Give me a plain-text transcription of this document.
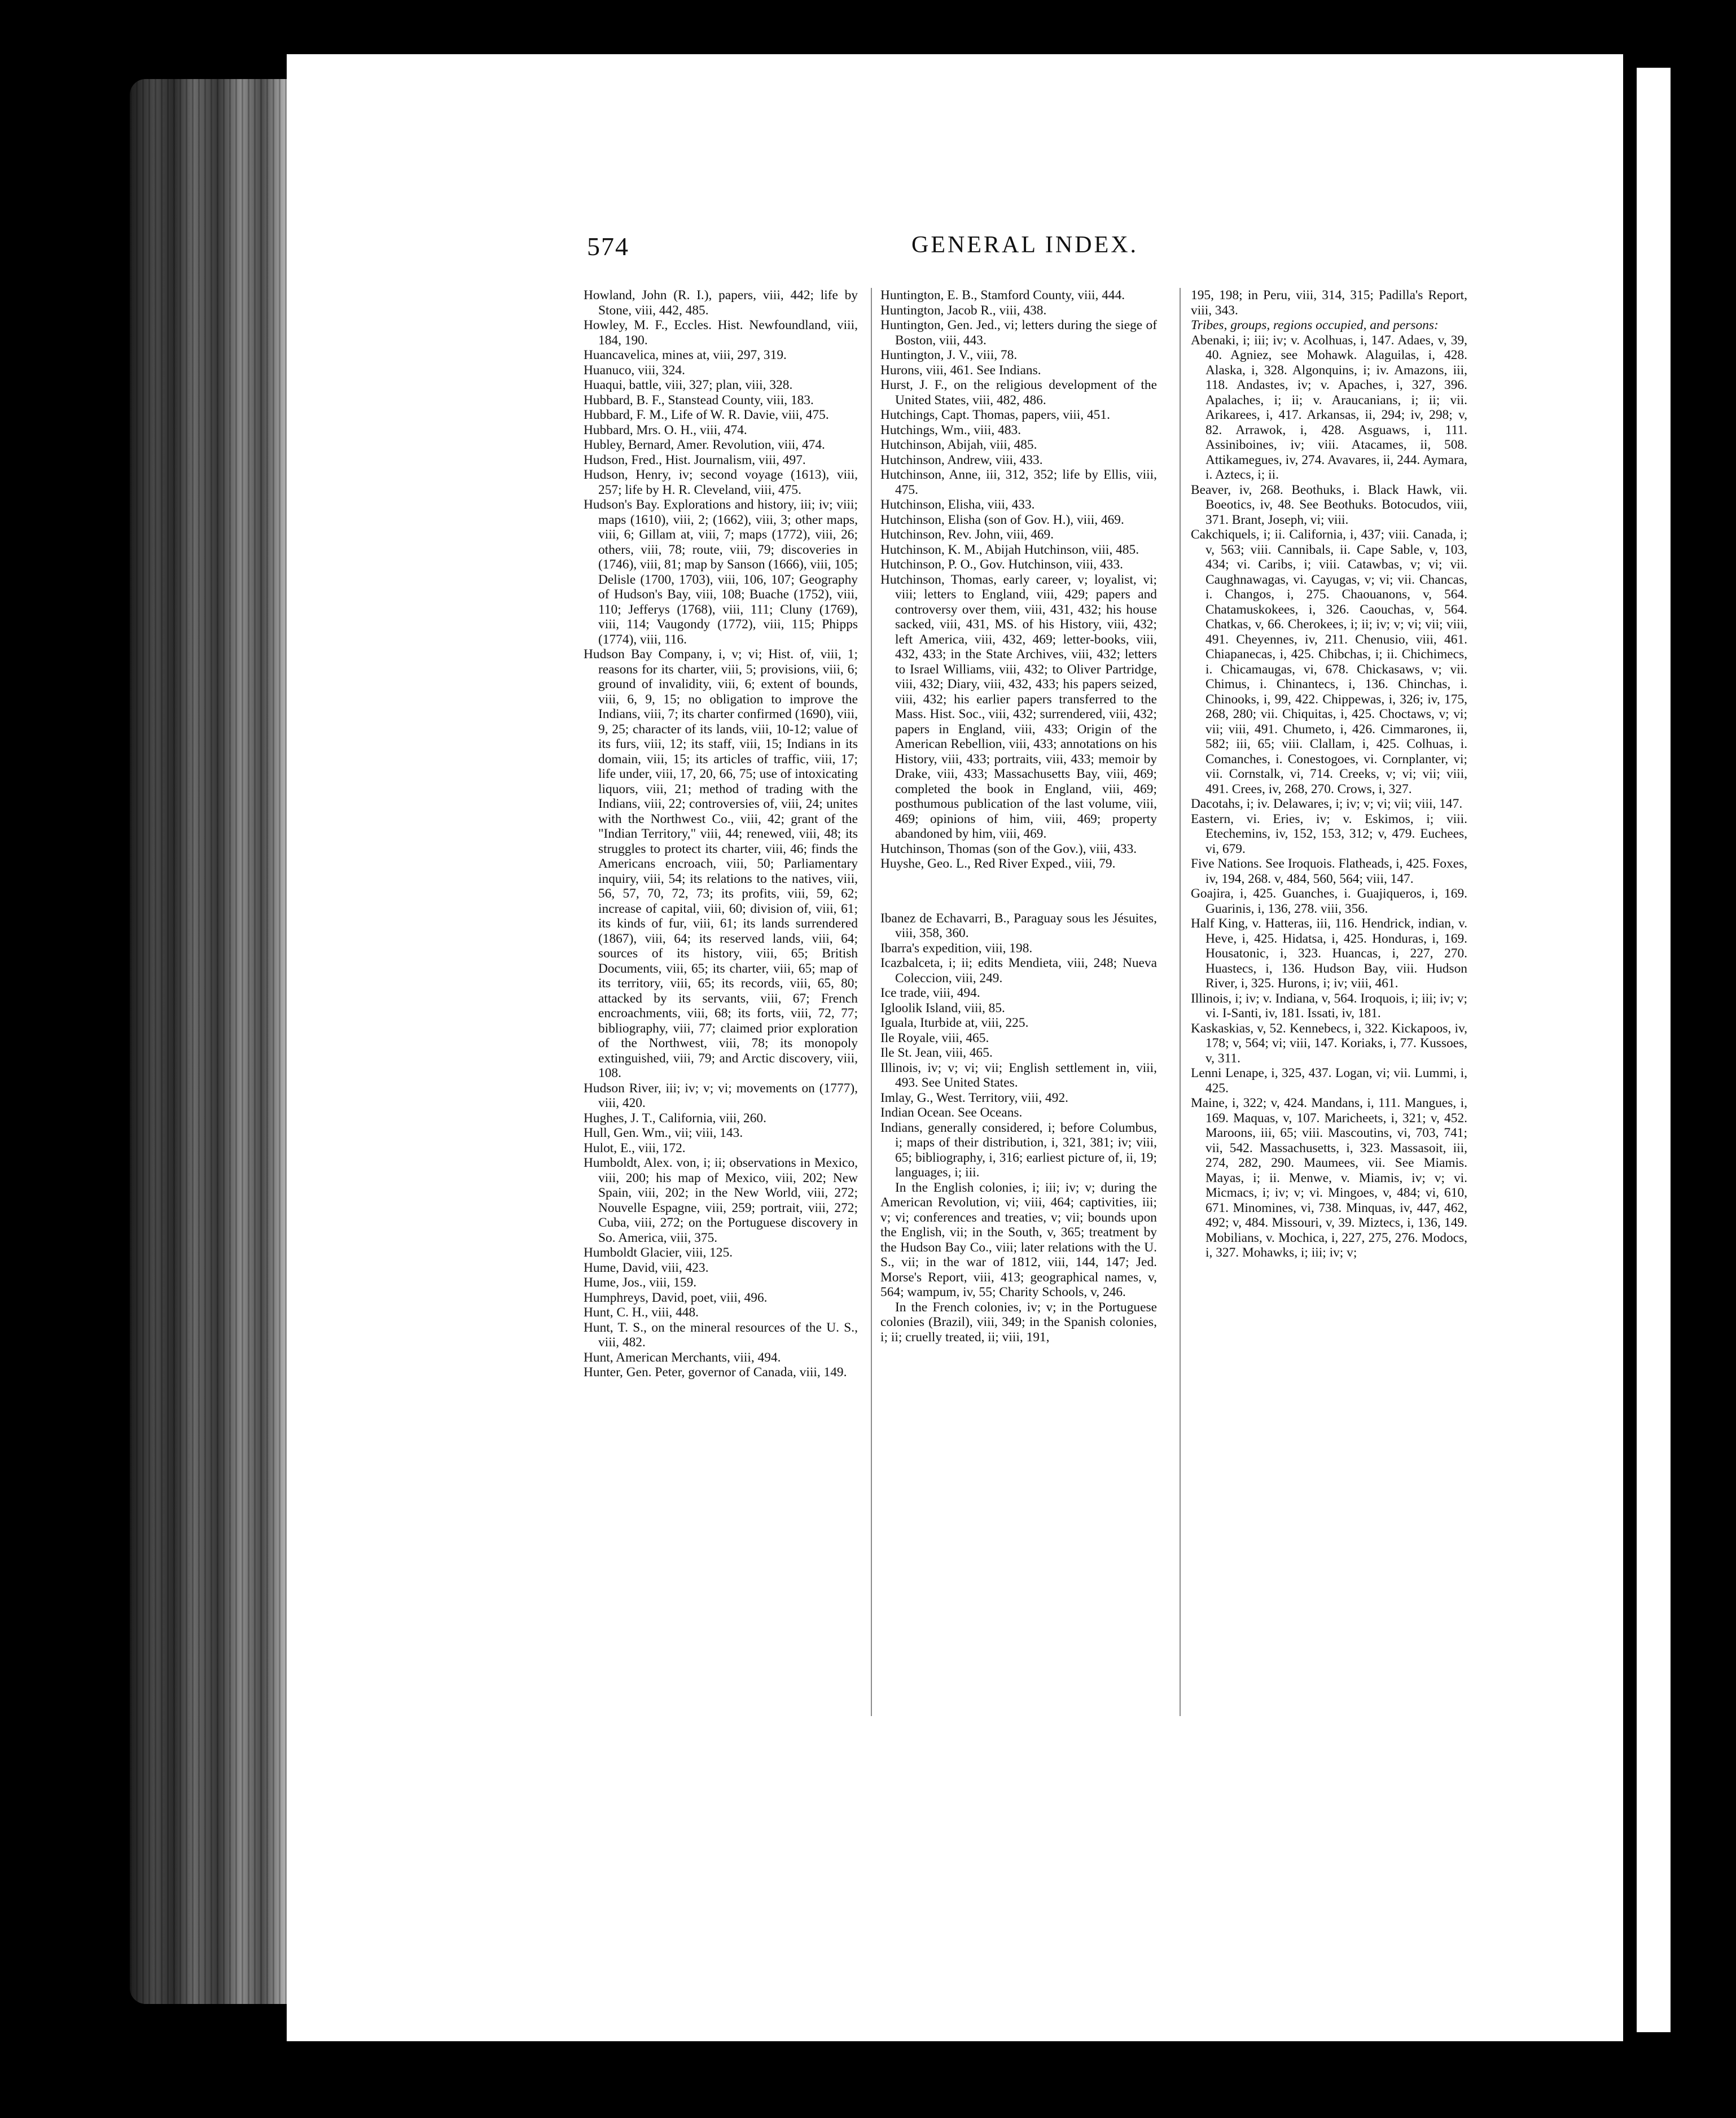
574	GENERAL INDEX.

Howland, John (R. I.), papers, viii, 442; life by Stone, viii, 442, 485.

Howley, M. F., Eccles. Hist. Newfoundland, viii, 184, 190.

Huancavelica, mines at, viii, 297, 319.

Huanuco, viii, 324.

Huaqui, battle, viii, 327; plan, viii, 328.

Hubbard, B. F., Stanstead County, viii, 183.

Hubbard, F. M., Life of W. R. Davie, viii, 475.

Hubbard, Mrs. O. H., viii, 474.

Hubley, Bernard, Amer. Revolution, viii, 474.

Hudson, Fred., Hist. Journalism, viii, 497.

Hudson, Henry, iv; second voyage (1613), viii, 257; life by H. R. Cleveland, viii, 475.

Hudson's Bay. Explorations and history, iii; iv; viii; maps (1610), viii, 2; (1662), viii, 3; other maps, viii, 6; Gillam at, viii, 7; maps (1772), viii, 26; others, viii, 78; route, viii, 79; discoveries in (1746), viii, 81; map by Sanson (1666), viii, 105; Delisle (1700, 1703), viii, 106, 107; Geography of Hudson's Bay, viii, 108; Buache (1752), viii, 110; Jefferys (1768), viii, 111; Cluny (1769), viii, 114; Vaugondy (1772), viii, 115; Phipps (1774), viii, 116.

Hudson Bay Company, i, v; vi; Hist. of, viii, 1; reasons for its charter, viii, 5; provisions, viii, 6; ground of invalidity, viii, 6; extent of bounds, viii, 6, 9, 15; no obligation to improve the Indians, viii, 7; its charter confirmed (1690), viii, 9, 25; character of its lands, viii, 10-12; value of its furs, viii, 12; its staff, viii, 15; Indians in its domain, viii, 15; its articles of traffic, viii, 17; life under, viii, 17, 20, 66, 75; use of intoxicating liquors, viii, 21; method of trading with the Indians, viii, 22; controversies of, viii, 24; unites with the Northwest Co., viii, 42; grant of the "Indian Territory," viii, 44; renewed, viii, 48; its struggles to protect its charter, viii, 46; finds the Americans encroach, viii, 50; Parliamentary inquiry, viii, 54; its relations to the natives, viii, 56, 57, 70, 72, 73; its profits, viii, 59, 62; increase of capital, viii, 60; division of, viii, 61; its kinds of fur, viii, 61; its lands surrendered (1867), viii, 64; its reserved lands, viii, 64; sources of its history, viii, 65; British Documents, viii, 65; its charter, viii, 65; map of its territory, viii, 65; its records, viii, 65, 80; attacked by its servants, viii, 67; French encroachments, viii, 68; its forts, viii, 72, 77; bibliography, viii, 77; claimed prior exploration of the Northwest, viii, 78; its monopoly extinguished, viii, 79; and Arctic discovery, viii, 108.

Hudson River, iii; iv; v; vi; movements on (1777), viii, 420.

Hughes, J. T., California, viii, 260.

Hull, Gen. Wm., vii; viii, 143.

Hulot, E., viii, 172.

Humboldt, Alex. von, i; ii; observations in Mexico, viii, 200; his map of Mexico, viii, 202; New Spain, viii, 202; in the New World, viii, 272; Nouvelle Espagne, viii, 259; portrait, viii, 272; Cuba, viii, 272; on the Portuguese discovery in So. America, viii, 375.

Humboldt Glacier, viii, 125.

Hume, David, viii, 423.

Hume, Jos., viii, 159.

Humphreys, David, poet, viii, 496.

Hunt, C. H., viii, 448.

Hunt, T. S., on the mineral resources of the U. S., viii, 482.

Hunt, American Merchants, viii, 494.

Hunter, Gen. Peter, governor of Canada, viii, 149.

Huntington, E. B., Stamford County, viii, 444.

Huntington, Jacob R., viii, 438.

Huntington, Gen. Jed., vi; letters during the siege of Boston, viii, 443.

Huntington, J. V., viii, 78.

Hurons, viii, 461. See Indians.

Hurst, J. F., on the religious development of the United States, viii, 482, 486.

Hutchings, Capt. Thomas, papers, viii, 451.

Hutchings, Wm., viii, 483.

Hutchinson, Abijah, viii, 485.

Hutchinson, Andrew, viii, 433.

Hutchinson, Anne, iii, 312, 352; life by Ellis, viii, 475.

Hutchinson, Elisha, viii, 433.

Hutchinson, Elisha (son of Gov. H.), viii, 469.

Hutchinson, Rev. John, viii, 469.

Hutchinson, K. M., Abijah Hutchinson, viii, 485.

Hutchinson, P. O., Gov. Hutchinson, viii, 433.

Hutchinson, Thomas, early career, v; loyalist, vi; viii; letters to England, viii, 429; papers and controversy over them, viii, 431, 432; his house sacked, viii, 431, MS. of his History, viii, 432; left America, viii, 432, 469; letter-books, viii, 432, 433; in the State Archives, viii, 432; letters to Israel Williams, viii, 432; to Oliver Partridge, viii, 432; Diary, viii, 432, 433; his papers seized, viii, 432; his earlier papers transferred to the Mass. Hist. Soc., viii, 432; surrendered, viii, 432; papers in England, viii, 433; Origin of the American Rebellion, viii, 433; annotations on his History, viii, 433; portraits, viii, 433; memoir by Drake, viii, 433; Massachusetts Bay, viii, 469; completed the book in England, viii, 469; posthumous publication of the last volume, viii, 469; opinions of him, viii, 469; property abandoned by him, viii, 469.

Hutchinson, Thomas (son of the Gov.), viii, 433.

Huyshe, Geo. L., Red River Exped., viii, 79.

Ibanez de Echavarri, B., Paraguay sous les Jésuites, viii, 358, 360.

Ibarra's expedition, viii, 198.

Icazbalceta, i; ii; edits Mendieta, viii, 248; Nueva Coleccion, viii, 249.

Ice trade, viii, 494.

Igloolik Island, viii, 85.

Iguala, Iturbide at, viii, 225.

Ile Royale, viii, 465.

Ile St. Jean, viii, 465.

Illinois, iv; v; vi; vii; English settlement in, viii, 493. See United States.

Imlay, G., West. Territory, viii, 492.

Indian Ocean. See Oceans.

Indians, generally considered, i; before Columbus, i; maps of their distribution, i, 321, 381; iv; viii, 65; bibliography, i, 316; earliest picture of, ii, 19; languages, i; iii.

In the English colonies, i; iii; iv; v; during the American Revolution, vi; viii, 464; captivities, iii; v; vi; conferences and treaties, v; vii; bounds upon the English, vii; in the South, v, 365; treatment by the Hudson Bay Co., viii; later relations with the U. S., vii; in the war of 1812, viii, 144, 147; Jed. Morse's Report, viii, 413; geographical names, v, 564; wampum, iv, 55; Charity Schools, v, 246.

In the French colonies, iv; v; in the Portuguese colonies (Brazil), viii, 349; in the Spanish colonies, i; ii; cruelly treated, ii; viii, 191,

195, 198; in Peru, viii, 314, 315; Padilla's Report, viii, 343.

Tribes, groups, regions occupied, and persons:

Abenaki, i; iii; iv; v. Acolhuas, i, 147. Adaes, v, 39, 40. Agniez, see Mohawk. Alaguilas, i, 428. Alaska, i, 328. Algonquins, i; iv. Amazons, iii, 118. Andastes, iv; v. Apaches, i, 327, 396. Apalaches, i; ii; v. Araucanians, i; ii; vii. Arikarees, i, 417. Arkansas, ii, 294; iv, 298; v, 82. Arrawok, i, 428. Asguaws, i, 111. Assiniboines, iv; viii. Atacames, ii, 508. Attikamegues, iv, 274. Avavares, ii, 244. Aymara, i. Aztecs, i; ii.

Beaver, iv, 268. Beothuks, i. Black Hawk, vii. Boeotics, iv, 48. See Beothuks. Botocudos, viii, 371. Brant, Joseph, vi; viii.

Cakchiquels, i; ii. California, i, 437; viii. Canada, i; v, 563; viii. Cannibals, ii. Cape Sable, v, 103, 434; vi. Caribs, i; viii. Catawbas, v; vi; vii. Caughnawagas, vi. Cayugas, v; vi; vii. Chancas, i. Changos, i, 275. Chaouanons, v, 564. Chatamuskokees, i, 326. Caouchas, v, 564. Chatkas, v, 66. Cherokees, i; ii; iv; v; vi; vii; viii, 491. Cheyennes, iv, 211. Chenusio, viii, 461. Chiapanecas, i, 425. Chibchas, i; ii. Chichimecs, i. Chicamaugas, vi, 678. Chickasaws, v; vii. Chimus, i. Chinantecs, i, 136. Chinchas, i. Chinooks, i, 99, 422. Chippewas, i, 326; iv, 175, 268, 280; vii. Chiquitas, i, 425. Choctaws, v; vi; vii; viii, 491. Chumeto, i, 426. Cimmarones, ii, 582; iii, 65; viii. Clallam, i, 425. Colhuas, i. Comanches, i. Conestogoes, vi. Cornplanter, vi; vii. Cornstalk, vi, 714. Creeks, v; vi; vii; viii, 491. Crees, iv, 268, 270. Crows, i, 327.

Dacotahs, i; iv. Delawares, i; iv; v; vi; vii; viii, 147.

Eastern, vi. Eries, iv; v. Eskimos, i; viii. Etechemins, iv, 152, 153, 312; v, 479. Euchees, vi, 679.

Five Nations. See Iroquois. Flatheads, i, 425. Foxes, iv, 194, 268. v, 484, 560, 564; viii, 147.

Goajira, i, 425. Guanches, i. Guajiqueros, i, 169. Guarinis, i, 136, 278. viii, 356.

Half King, v. Hatteras, iii, 116. Hendrick, indian, v. Heve, i, 425. Hidatsa, i, 425. Honduras, i, 169. Housatonic, i, 323. Huancas, i, 227, 270. Huastecs, i, 136. Hudson Bay, viii. Hudson River, i, 325. Hurons, i; iv; viii, 461.

Illinois, i; iv; v. Indiana, v, 564. Iroquois, i; iii; iv; v; vi. I-Santi, iv, 181. Issati, iv, 181.

Kaskaskias, v, 52. Kennebecs, i, 322. Kickapoos, iv, 178; v, 564; vi; viii, 147. Koriaks, i, 77. Kussoes, v, 311.

Lenni Lenape, i, 325, 437. Logan, vi; vii. Lummi, i, 425.

Maine, i, 322; v, 424. Mandans, i, 111. Mangues, i, 169. Maquas, v, 107. Maricheets, i, 321; v, 452. Maroons, iii, 65; viii. Mascoutins, vi, 703, 741; vii, 542. Massachusetts, i, 323. Massasoit, iii, 274, 282, 290. Maumees, vii. See Miamis. Mayas, i; ii. Menwe, v. Miamis, iv; v; vi. Micmacs, i; iv; v; vi. Mingoes, v, 484; vi, 610, 671. Minomines, vi, 738. Minquas, iv, 447, 462, 492; v, 484. Missouri, v, 39. Miztecs, i, 136, 149. Mobilians, v. Mochica, i, 227, 275, 276. Modocs, i, 327. Mohawks, i; iii; iv; v;
